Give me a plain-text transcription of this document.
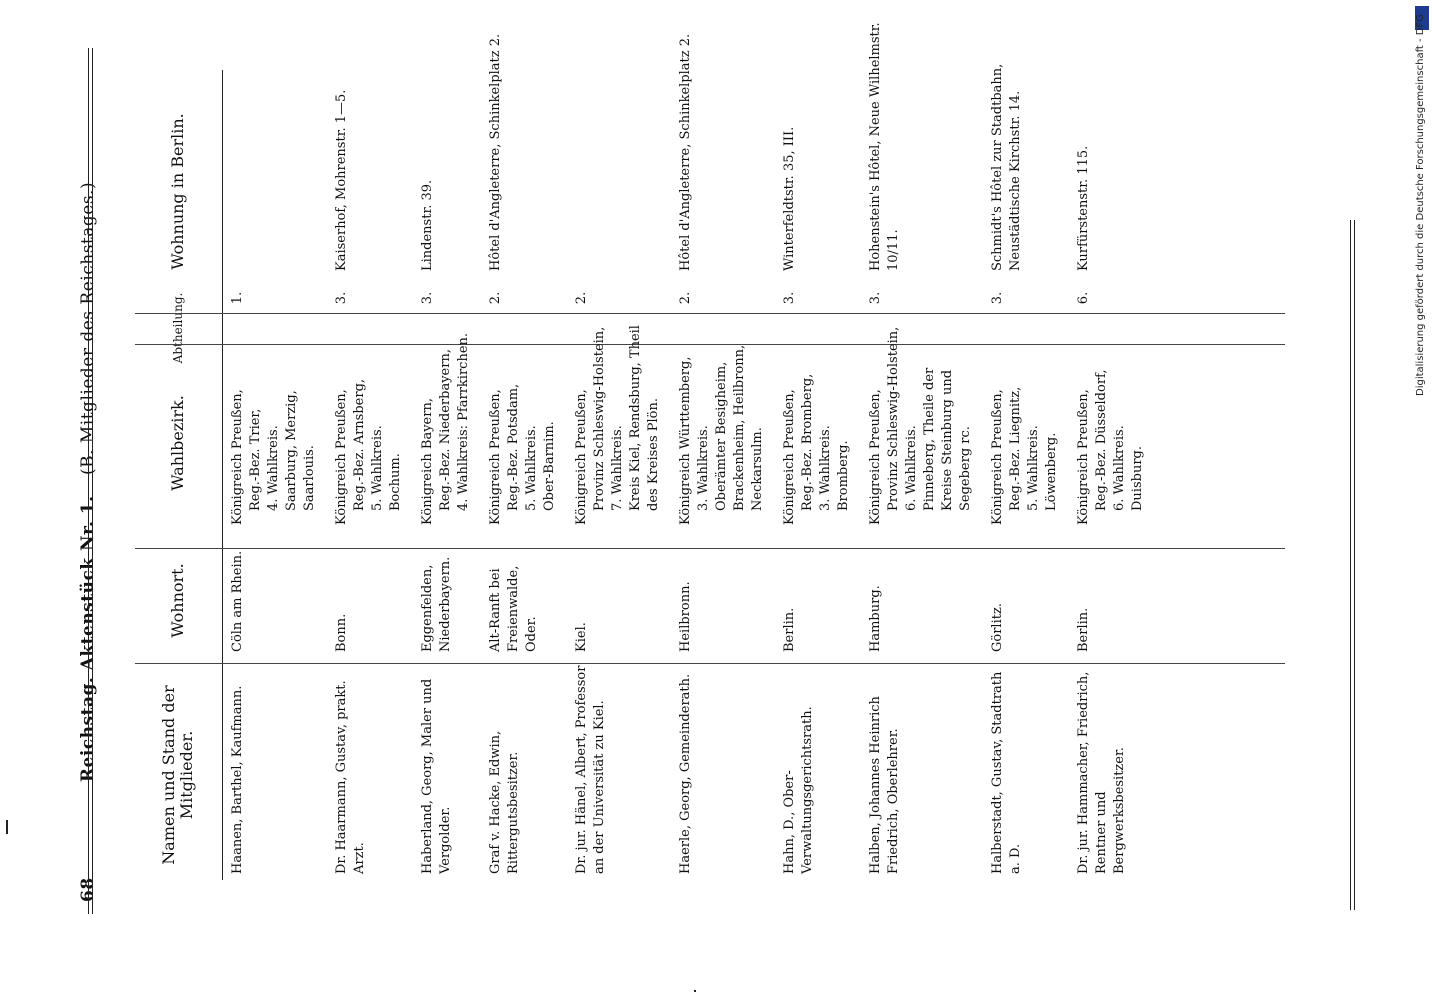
68
Reichstag. Aktenstück Nr. 1. (B. Mitglieder des Reichstages.)
Namen und Stand der Mitglieder.
Wohnort.
Wahlbezirk.
Abtheilung.
Wohnung in Berlin.
Haanen, Barthel, Kaufmann.	Cöln am Rhein.	Königreich Preußen, Reg.-Bez. Trier, 4. Wahlkreis. Saarburg, Merzig, Saarlouis.	1.	
Dr. Haarmann, Gustav, prakt. Arzt.	Bonn.	Königreich Preußen, Reg.-Bez. Arnsberg, 5. Wahlkreis. Bochum.	3.	Kaiserhof, Mohrenstr. 1—5.
Haberland, Georg, Maler und Vergolder.	Eggenfelden, Niederbayern.	Königreich Bayern, Reg.-Bez. Niederbayern, 4. Wahlkreis: Pfarrkirchen.	3.	Lindenstr. 39.
Graf v. Hacke, Edwin, Rittergutsbesitzer.	Alt-Ranft bei Freienwalde, Oder.	Königreich Preußen, Reg.-Bez. Potsdam, 5. Wahlkreis. Ober-Barnim.	2.	Hôtel d'Angleterre, Schinkelplatz 2.
Dr. jur. Hänel, Albert, Professor an der Universität zu Kiel.	Kiel.	Königreich Preußen, Provinz Schleswig-Holstein, 7. Wahlkreis. Kreis Kiel, Rendsburg, Theil des Kreises Plön.	2.	
Haerle, Georg, Gemeinderath.	Heilbronn.	Königreich Württemberg, 3. Wahlkreis. Oberämter Besigheim, Brackenheim, Heilbronn, Neckarsulm.	2.	Hôtel d'Angleterre, Schinkelplatz 2.
Hahn, D., Ober-Verwaltungsgerichtsrath.	Berlin.	Königreich Preußen, Reg.-Bez. Bromberg, 3. Wahlkreis. Bromberg.	3.	Winterfeldtstr. 35, III.
Halben, Johannes Heinrich Friedrich, Oberlehrer.	Hamburg.	Königreich Preußen, Provinz Schleswig-Holstein, 6. Wahlkreis. Pinneberg, Theile der Kreise Steinburg und Segeberg rc.	3.	Hohenstein's Hôtel, Neue Wilhelmstr. 10/11.
Halberstadt, Gustav, Stadtrath a. D.	Görlitz.	Königreich Preußen, Reg.-Bez. Liegnitz, 5. Wahlkreis. Löwenberg.	3.	Schmidt's Hôtel zur Stadtbahn, Neustädtische Kirchstr. 14.
Dr. jur. Hammacher, Friedrich, Rentner und Bergwerksbesitzer.	Berlin.	Königreich Preußen, Reg.-Bez. Düsseldorf, 6. Wahlkreis. Duisburg.	6.	Kurfürstenstr. 115.	Digitalisierung gefördert durch die Deutsche Forschungsgemeinschaft - DFG
